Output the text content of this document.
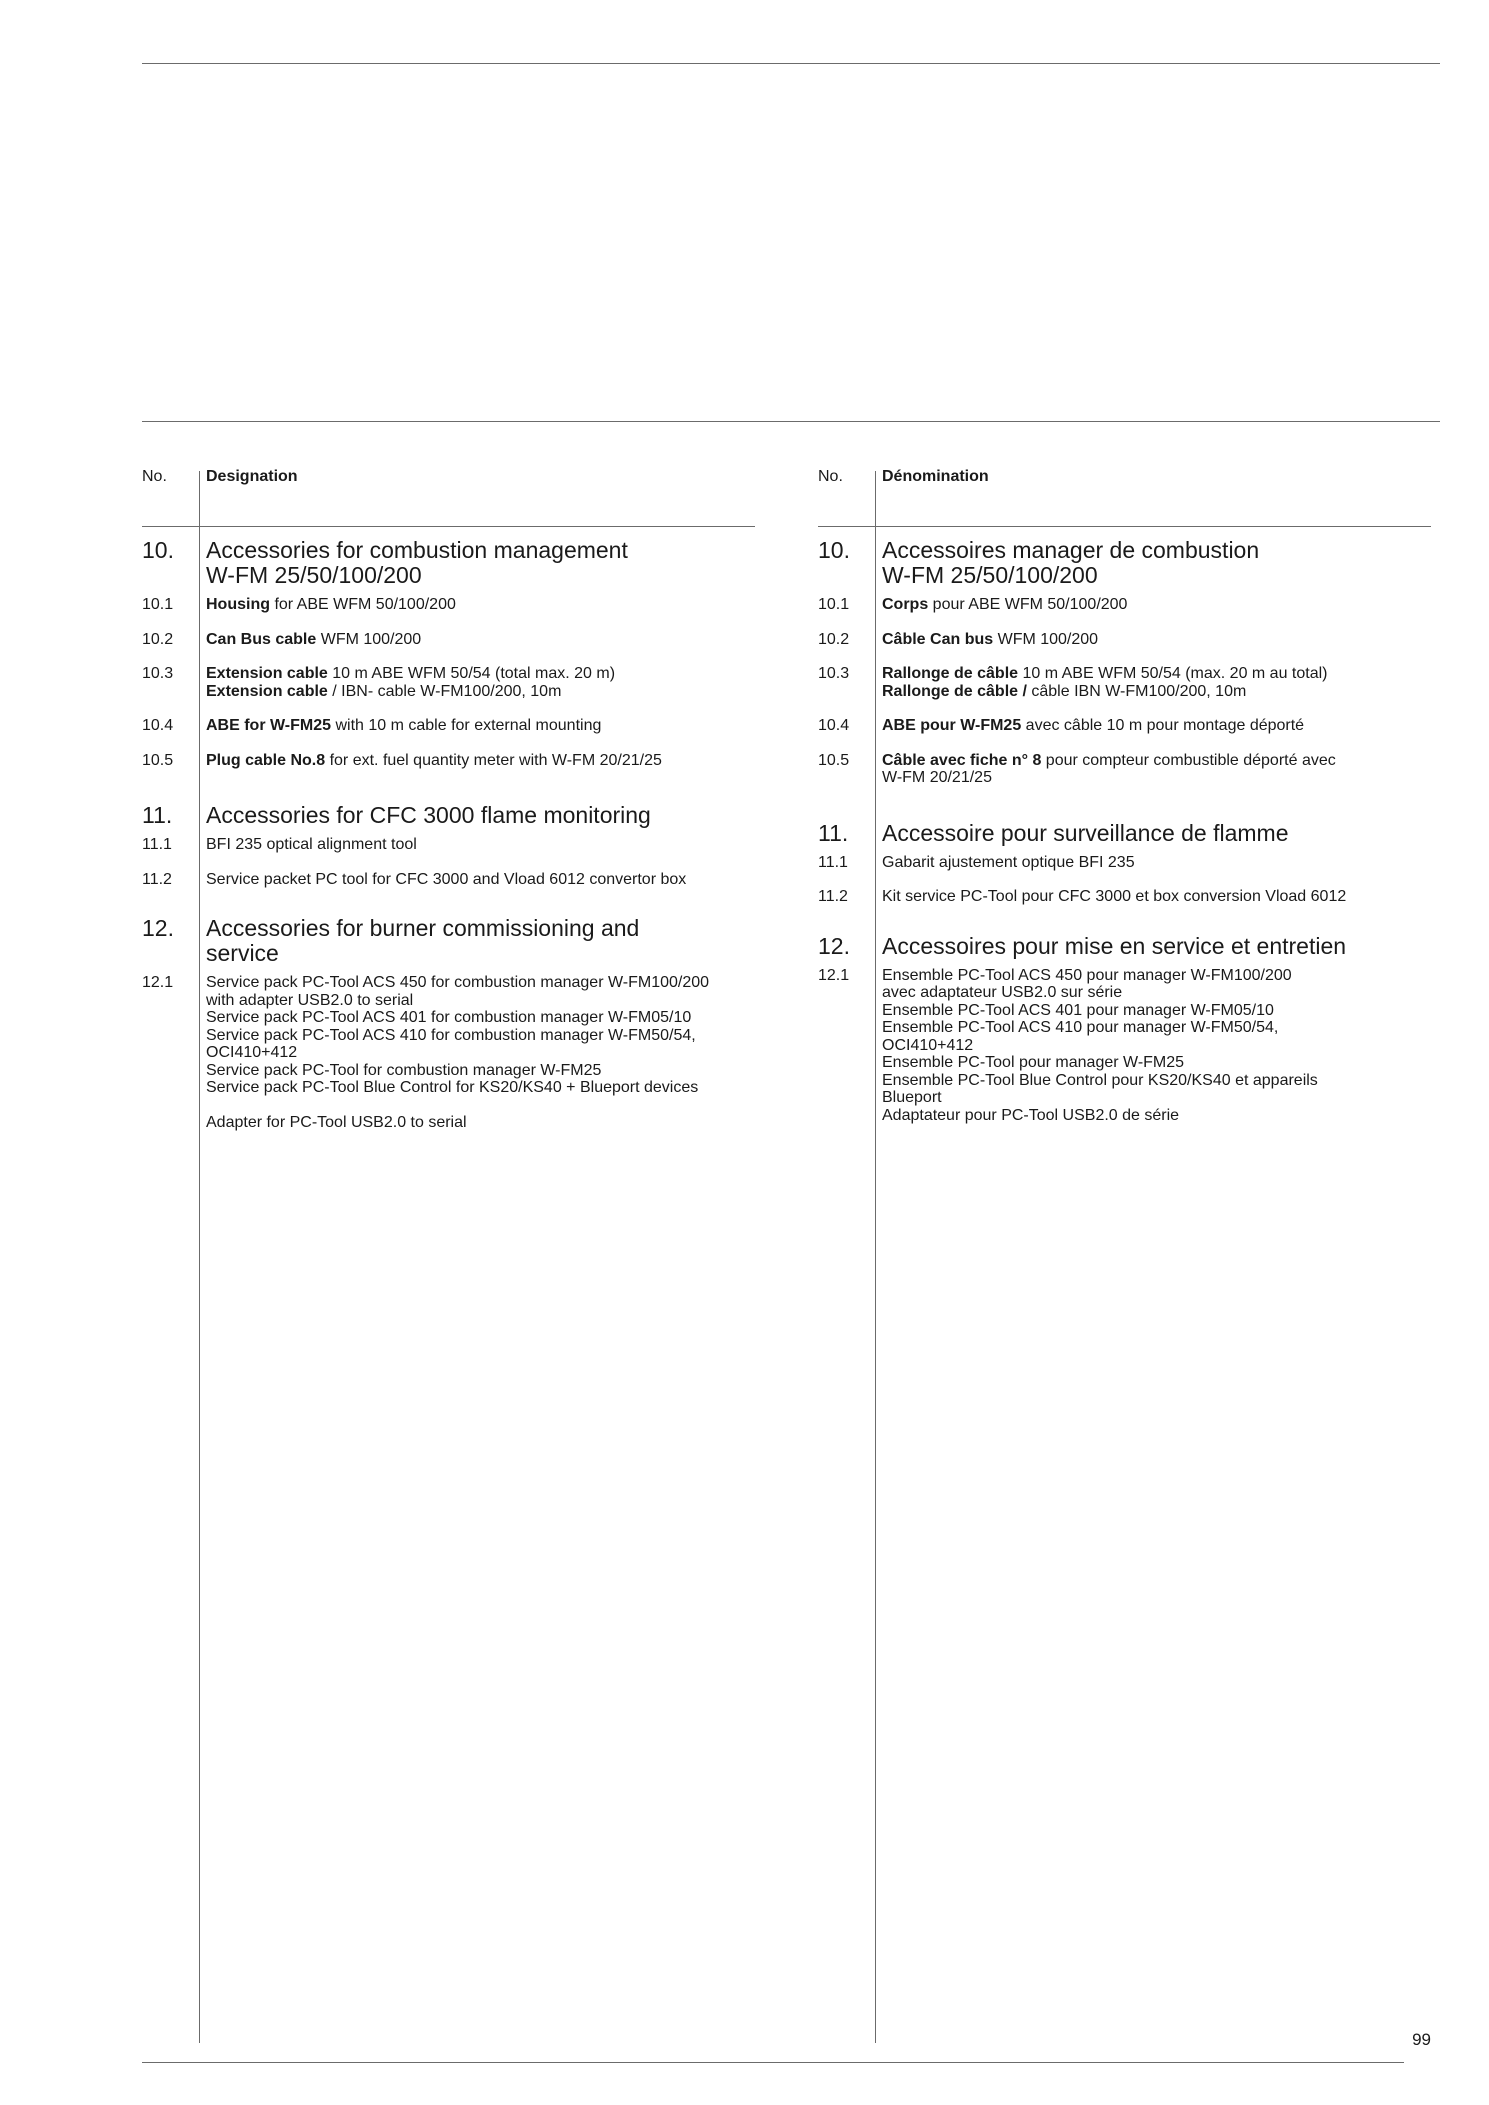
No. Designation
10. Accessories for combustion management
W-FM 25/50/100/200
10.1 Housing for ABE WFM 50/100/200
10.2 Can Bus cable WFM 100/200
10.3 Extension cable 10 m ABE WFM 50/54 (total max. 20 m)
Extension cable / IBN- cable W-FM100/200, 10m
10.4 ABE for W-FM25 with 10 m cable for external mounting
10.5 Plug cable No.8 for ext. fuel quantity meter with W-FM 20/21/25
11. Accessories for CFC 3000 flame monitoring
11.1 BFI 235 optical alignment tool
11.2 Service packet PC tool for CFC 3000 and Vload 6012 convertor box
12. Accessories for burner commissioning and
service
12.1 Service pack PC-Tool ACS 450 for combustion manager W-FM100/200
with adapter USB2.0 to serial
Service pack PC-Tool ACS 401 for combustion manager W-FM05/10
Service pack PC-Tool ACS 410 for combustion manager W-FM50/54,
OCI410+412
Service pack PC-Tool for combustion manager W-FM25
Service pack PC-Tool Blue Control for KS20/KS40 + Blueport devices
Adapter for PC-Tool USB2.0 to serial
No. Dénomination
10. Accessoires manager de combustion
W-FM 25/50/100/200
10.1 Corps pour ABE WFM 50/100/200
10.2 Câble Can bus WFM 100/200
10.3 Rallonge de câble 10 m ABE WFM 50/54 (max. 20 m au total)
Rallonge de câble / câble IBN W-FM100/200, 10m
10.4 ABE pour W-FM25 avec câble 10 m pour montage déporté
10.5 Câble avec fiche n° 8 pour compteur combustible déporté avec
W-FM 20/21/25
11. Accessoire pour surveillance de flamme
11.1 Gabarit ajustement optique BFI 235
11.2 Kit service PC-Tool pour CFC 3000 et box conversion Vload 6012
12. Accessoires pour mise en service et entretien
12.1 Ensemble PC-Tool ACS 450 pour manager W-FM100/200
avec adaptateur USB2.0 sur série
Ensemble PC-Tool ACS 401 pour manager W-FM05/10
Ensemble PC-Tool ACS 410 pour manager W-FM50/54,
OCI410+412
Ensemble PC-Tool pour manager W-FM25
Ensemble PC-Tool Blue Control pour KS20/KS40 et appareils
Blueport
Adaptateur pour PC-Tool USB2.0 de série
99
